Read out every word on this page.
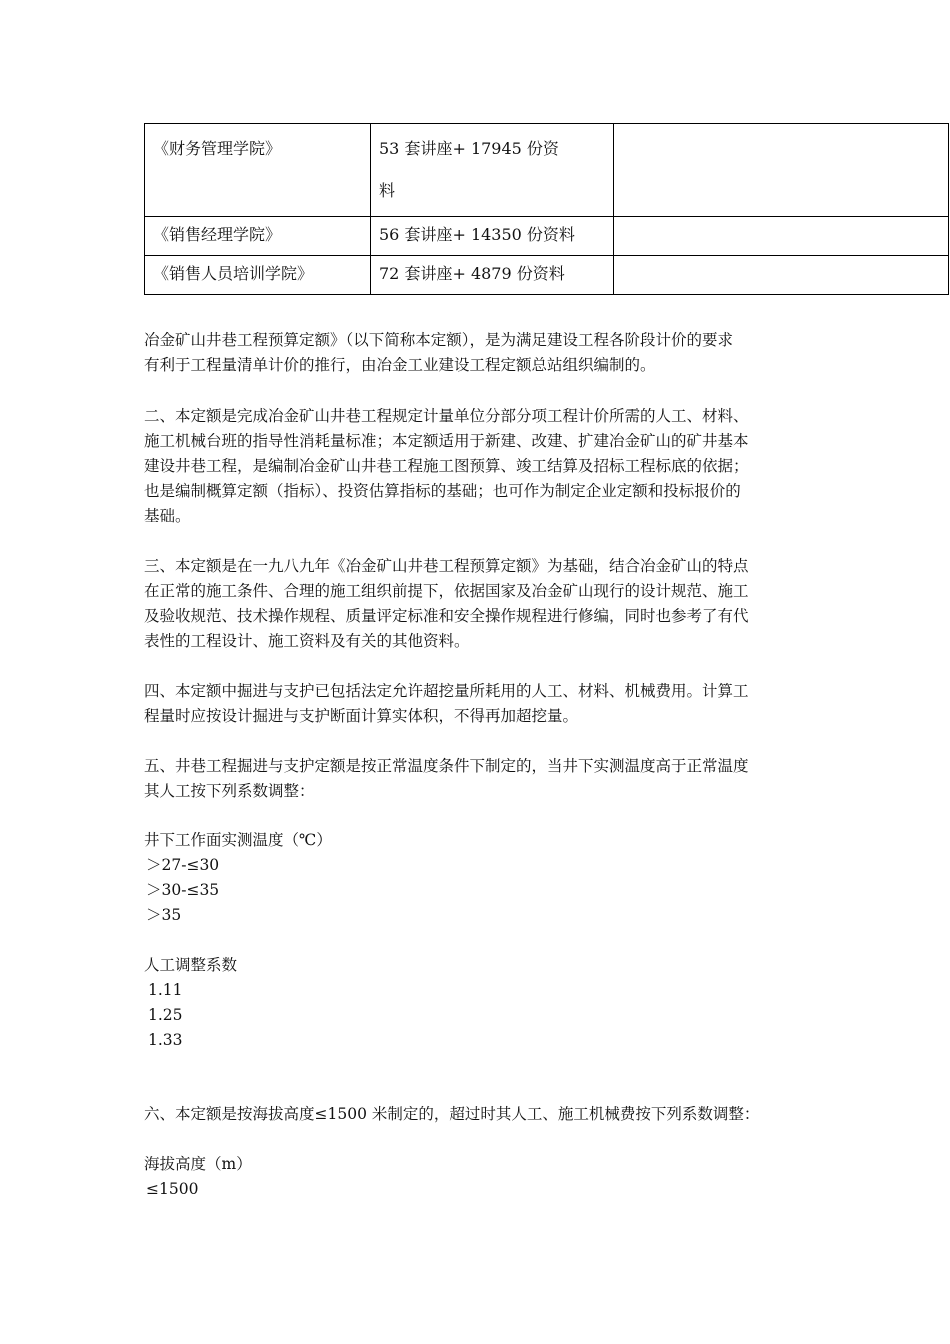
《财务管理学院》	53 套讲座+ 17945 份资
料	

《销售经理学院》	56 套讲座+ 14350 份资料	
《销售人员培训学院》	72 套讲座+ 4879 份资料	
冶金矿山井巷工程预算定额》（以下简称本定额），是为满足建设工程各阶段计价的要求
有利于工程量清单计价的推行，由冶金工业建设工程定额总站组织编制的。
二、本定额是完成冶金矿山井巷工程规定计量单位分部分项工程计价所需的人工、材料、
施工机械台班的指导性消耗量标准；本定额适用于新建、改建、扩建冶金矿山的矿井基本
建设井巷工程，是编制冶金矿山井巷工程施工图预算、竣工结算及招标工程标底的依据；
也是编制概算定额（指标）、投资估算指标的基础；也可作为制定企业定额和投标报价的
基础。
三、本定额是在一九八九年《冶金矿山井巷工程预算定额》为基础，结合冶金矿山的特点
在正常的施工条件、合理的施工组织前提下，依据国家及冶金矿山现行的设计规范、施工
及验收规范、技术操作规程、质量评定标准和安全操作规程进行修编，同时也参考了有代
表性的工程设计、施工资料及有关的其他资料。
四、本定额中掘进与支护已包括法定允许超挖量所耗用的人工、材料、机械费用。计算工
程量时应按设计掘进与支护断面计算实体积，不得再加超挖量。
五、井巷工程掘进与支护定额是按正常温度条件下制定的，当井下实测温度高于正常温度
其人工按下列系数调整：
井下工作面实测温度（℃）
＞27-≤30
＞30-≤35
＞35
人工调整系数
1.11
1.25
1.33
六、本定额是按海拔高度≤1500 米制定的，超过时其人工、施工机械费按下列系数调整：
海拔高度（m）
≤1500
